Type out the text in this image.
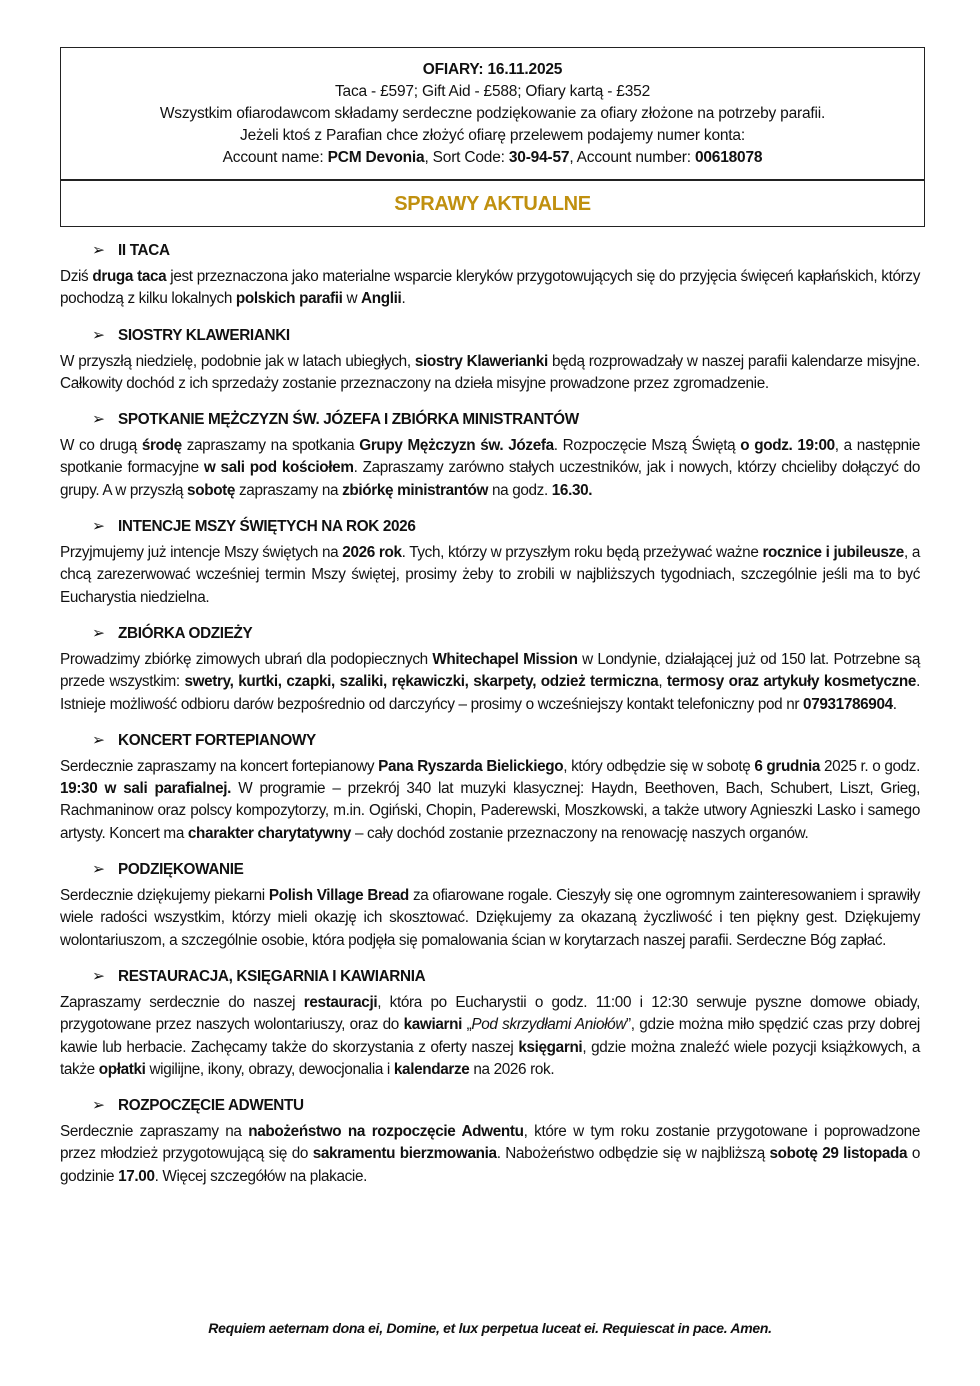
OFIARY: 16.11.2025
Taca - £597; Gift Aid - £588; Ofiary kartą - £352
Wszystkim ofiarodawcom składamy serdeczne podziękowanie za ofiary złożone na potrzeby parafii.
Jeżeli ktoś z Parafian chce złożyć ofiarę przelewem podajemy numer konta:
Account name: PCM Devonia, Sort Code: 30-94-57, Account number: 00618078
SPRAWY AKTUALNE
➢ II TACA

Dziś druga taca jest przeznaczona jako materialne wsparcie kleryków przygotowujących się do przyjęcia święceń kapłańskich, którzy pochodzą z kilku lokalnych polskich parafii w Anglii.

➢ SIOSTRY KLAWERIANKI

W przyszłą niedzielę, podobnie jak w latach ubiegłych, siostry Klawerianki będą rozprowadzały w naszej parafii kalendarze misyjne. Całkowity dochód z ich sprzedaży zostanie przeznaczony na dzieła misyjne prowadzone przez zgromadzenie.

➢ SPOTKANIE MĘŻCZYZN ŚW. JÓZEFA I ZBIÓRKA MINISTRANTÓW

W co drugą środę zapraszamy na spotkania Grupy Mężczyzn św. Józefa. Rozpoczęcie Mszą Świętą o godz. 19:00, a następnie spotkanie formacyjne w sali pod kościołem. Zapraszamy zarówno stałych uczestników, jak i nowych, którzy chcieliby dołączyć do grupy. A w przyszłą sobotę zapraszamy na zbiórkę ministrantów na godz. 16.30.

➢ INTENCJE MSZY ŚWIĘTYCH NA ROK 2026

Przyjmujemy już intencje Mszy świętych na 2026 rok. Tych, którzy w przyszłym roku będą przeżywać ważne rocznice i jubileusze, a chcą zarezerwować wcześniej termin Mszy świętej, prosimy żeby to zrobili w najbliższych tygodniach, szczególnie jeśli ma to być Eucharystia niedzielna.

➢ ZBIÓRKA ODZIEŻY

Prowadzimy zbiórkę zimowych ubrań dla podopiecznych Whitechapel Mission w Londynie, działającej już od 150 lat. Potrzebne są przede wszystkim: swetry, kurtki, czapki, szaliki, rękawiczki, skarpety, odzież termiczna, termosy oraz artykuły kosmetyczne. Istnieje możliwość odbioru darów bezpośrednio od darczyńcy – prosimy o wcześniejszy kontakt telefoniczny pod nr 07931786904.

➢ KONCERT FORTEPIANOWY

Serdecznie zapraszamy na koncert fortepianowy Pana Ryszarda Bielickiego, który odbędzie się w sobotę 6 grudnia 2025 r. o godz. 19:30 w sali parafialnej. W programie – przekrój 340 lat muzyki klasycznej: Haydn, Beethoven, Bach, Schubert, Liszt, Grieg, Rachmaninow oraz polscy kompozytorzy, m.in. Ogiński, Chopin, Paderewski, Moszkowski, a także utwory Agnieszki Lasko i samego artysty. Koncert ma charakter charytatywny – cały dochód zostanie przeznaczony na renowację naszych organów.

➢ PODZIĘKOWANIE

Serdecznie dziękujemy piekarni Polish Village Bread za ofiarowane rogale. Cieszyły się one ogromnym zainteresowaniem i sprawiły wiele radości wszystkim, którzy mieli okazję ich skosztować. Dziękujemy za okazaną życzliwość i ten piękny gest. Dziękujemy wolontariuszom, a szczególnie osobie, która podjęła się pomalowania ścian w korytarzach naszej parafii. Serdeczne Bóg zapłać.

➢ RESTAURACJA, KSIĘGARNIA I KAWIARNIA

Zapraszamy serdecznie do naszej restauracji, która po Eucharystii o godz. 11:00 i 12:30 serwuje pyszne domowe obiady, przygotowane przez naszych wolontariuszy, oraz do kawiarni „Pod skrzydłami Aniołów”, gdzie można miło spędzić czas przy dobrej kawie lub herbacie. Zachęcamy także do skorzystania z oferty naszej księgarni, gdzie można znaleźć wiele pozycji książkowych, a także opłatki wigilijne, ikony, obrazy, dewocjonalia i kalendarze na 2026 rok.

➢ ROZPOCZĘCIE ADWENTU

Serdecznie zapraszamy na nabożeństwo na rozpoczęcie Adwentu, które w tym roku zostanie przygotowane i poprowadzone przez młodzież przygotowującą się do sakramentu bierzmowania. Nabożeństwo odbędzie się w najbliższą sobotę 29 listopada o godzinie 17.00. Więcej szczegółów na plakacie.

Requiem aeternam dona ei, Domine, et lux perpetua luceat ei. Requiescat in pace. Amen.
